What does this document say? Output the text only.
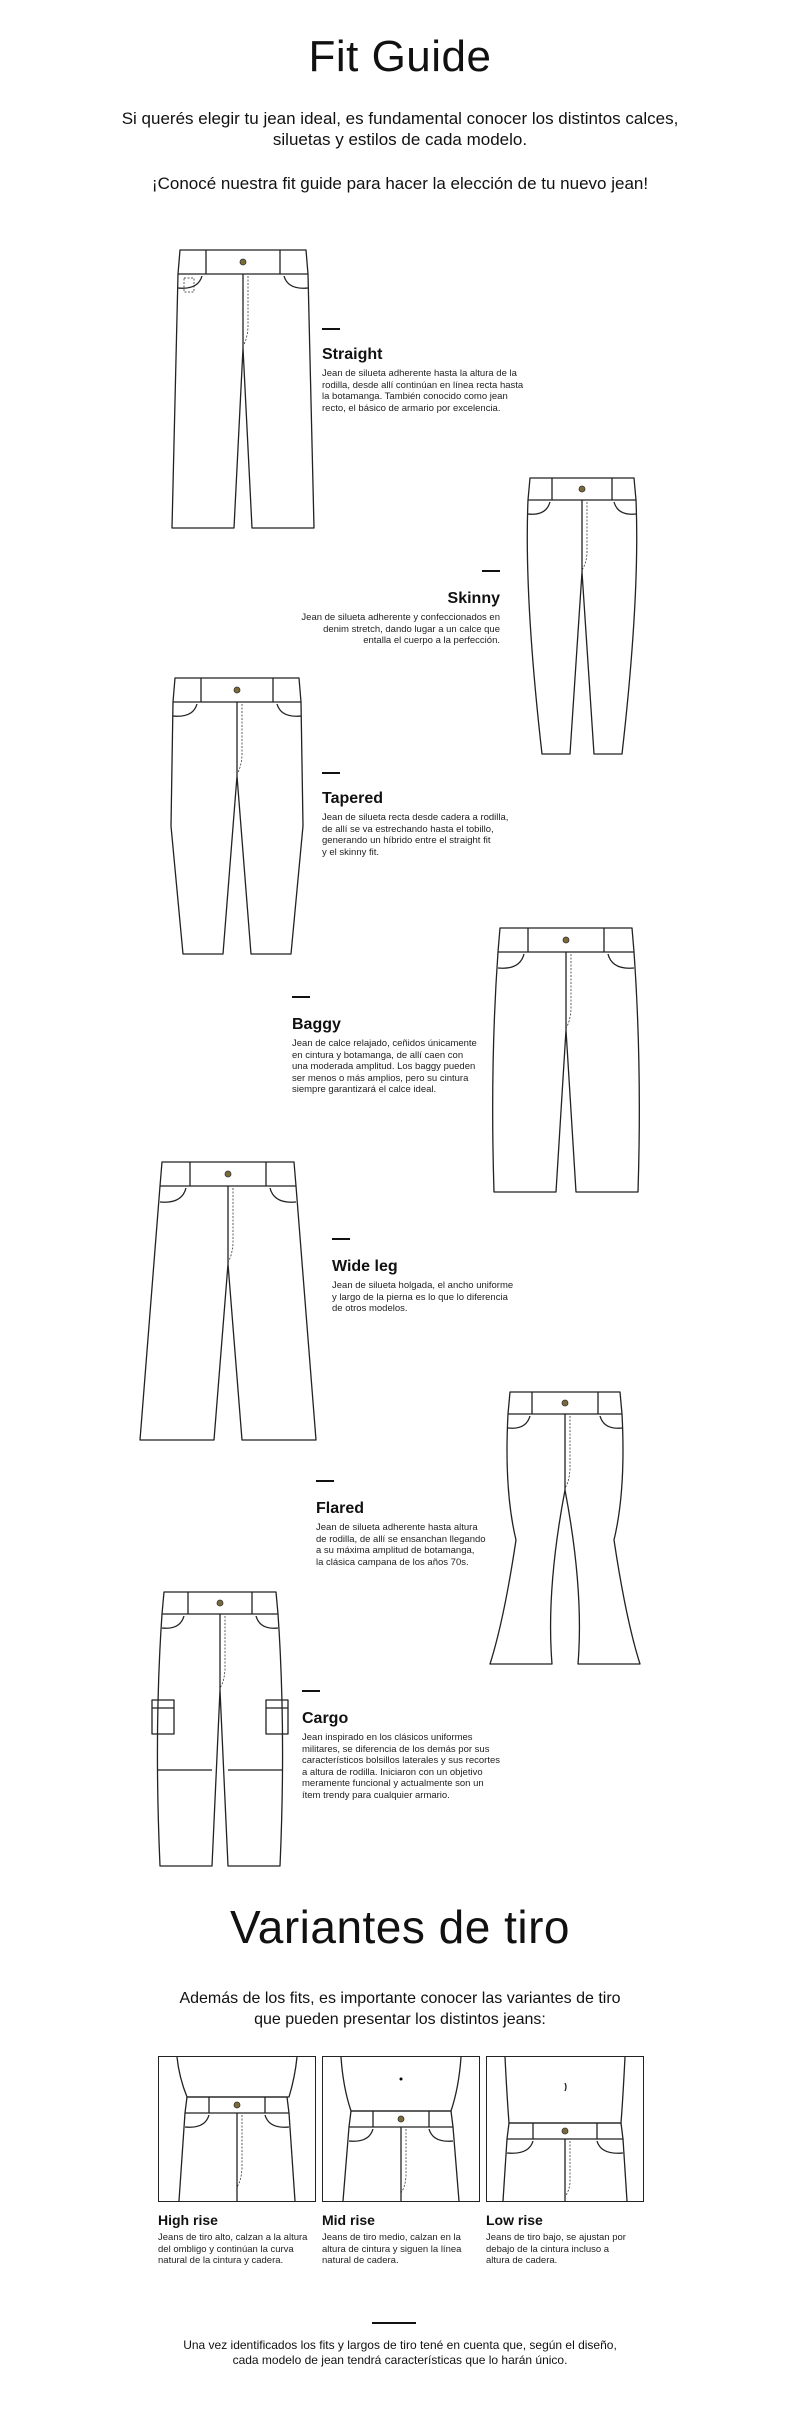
Fit Guide
Si querés elegir tu jean ideal, es fundamental conocer los distintos calces,
siluetas y estilos de cada modelo.
¡Conocé nuestra fit guide para hacer la elección de tu nuevo jean!
Straight
Jean de silueta adherente hasta la altura de la
rodilla, desde allí continúan en línea recta hasta
la botamanga. También conocido como jean
recto, el básico de armario por excelencia.
Skinny
Jean de silueta adherente y confeccionados en
denim stretch, dando lugar a un calce que
entalla el cuerpo a la perfección.
Tapered
Jean de silueta recta desde cadera a rodilla,
de allí se va estrechando hasta el tobillo,
generando un híbrido entre el straight fit
y el skinny fit.
Baggy
Jean de calce relajado, ceñidos únicamente
en cintura y botamanga, de allí caen con
una moderada amplitud. Los baggy pueden
ser menos o más amplios, pero su cintura
siempre garantizará el calce ideal.
Wide leg
Jean de silueta holgada, el ancho uniforme
y largo de la pierna es lo que lo diferencia
de otros modelos.
Flared
Jean de silueta adherente hasta altura
de rodilla, de allí se ensanchan llegando
a su máxima amplitud de botamanga,
la clásica campana de los años 70s.
Cargo
Jean inspirado en los clásicos uniformes
militares, se diferencia de los demás por sus
característicos bolsillos laterales y sus recortes
a altura de rodilla. Iniciaron con un objetivo
meramente funcional y actualmente son un
ítem trendy para cualquier armario.
Variantes de tiro
Además de los fits, es importante conocer las variantes de tiro
que pueden presentar los distintos jeans:
High rise
Jeans de tiro alto, calzan a la altura
del ombligo y continúan la curva
natural de la cintura y cadera.
Mid rise
Jeans de tiro medio, calzan en la
altura de cintura y siguen la línea
natural de cadera.
Low rise
Jeans de tiro bajo, se ajustan por
debajo de la cintura incluso a
altura de cadera.
Una vez identificados los fits y largos de tiro tené en cuenta que, según el diseño,
cada modelo de jean tendrá características que lo harán único.
